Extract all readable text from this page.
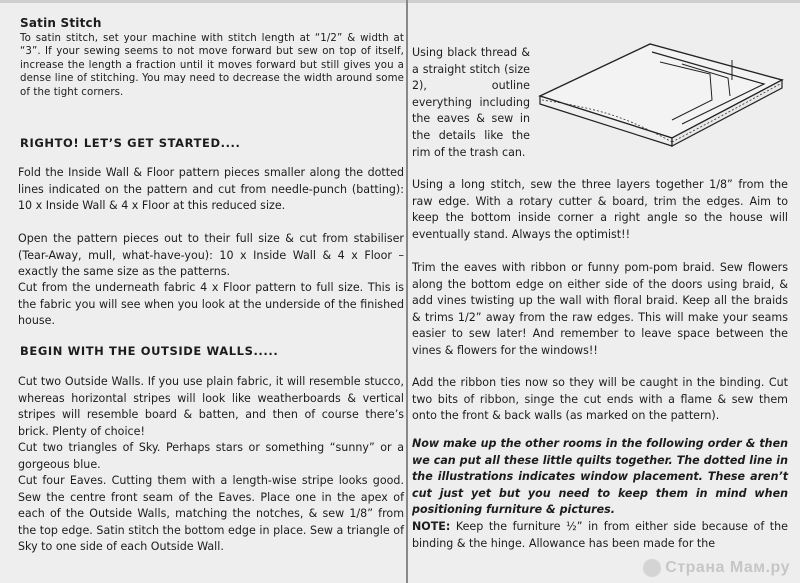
Satin Stitch

To satin stitch, set your machine with stitch length at “1/2” & width at “3”. If your sewing seems to not move forward but sew on top of itself, increase the length a fraction until it moves forward but still gives you a dense line of stitching. You may need to decrease the width around some of the tight corners.

RIGHTO! LET’S GET STARTED....

Fold the Inside Wall & Floor pattern pieces smaller along the dotted lines indicated on the pattern and cut from needle-punch (batting): 10 x Inside Wall & 4 x Floor at this reduced size.

Open the pattern pieces out to their full size & cut from stabiliser (Tear-Away, mull, what-have-you): 10 x Inside Wall & 4 x Floor – exactly the same size as the patterns.

Cut from the underneath fabric 4 x Floor pattern to full size. This is the fabric you will see when you look at the underside of the finished house.

BEGIN WITH THE OUTSIDE WALLS.....

Cut two Outside Walls. If you use plain fabric, it will resemble stucco, whereas horizontal stripes will look like weatherboards & vertical stripes will resemble board & batten, and then of course there’s brick. Plenty of choice!

Cut two triangles of Sky. Perhaps stars or something “sunny” or a gorgeous blue.

Cut four Eaves. Cutting them with a length-wise stripe looks good. Sew the centre front seam of the Eaves. Place one in the apex of each of the Outside Walls, matching the notches, & sew 1/8” from the top edge. Satin stitch the bottom edge in place. Sew a triangle of Sky to one side of each Outside Wall.

Using black thread & a straight stitch (size 2), outline everything including the eaves & sew in the details like the rim of the trash can.

Using a long stitch, sew the three layers together 1/8” from the raw edge. With a rotary cutter & board, trim the edges. Aim to keep the bottom inside corner a right angle so the house will eventually stand. Always the optimist!!

Trim the eaves with ribbon or funny pom-pom braid. Sew flowers along the bottom edge on either side of the doors using braid, & add vines twisting up the wall with floral braid. Keep all the braids & trims 1/2” away from the raw edges. This will make your seams easier to sew later! And remember to leave space between the vines & flowers for the windows!!

Add the ribbon ties now so they will be caught in the binding. Cut two bits of ribbon, singe the cut ends with a flame & sew them onto the front & back walls (as marked on the pattern).

Now make up the other rooms in the following order & then we can put all these little quilts together. The dotted line in the illustrations indicates window placement. These aren’t cut just yet but you need to keep them in mind when positioning furniture & pictures.

NOTE: Keep the furniture ½” in from either side because of the binding & the hinge. Allowance has been made for the

Страна Мам.ру
